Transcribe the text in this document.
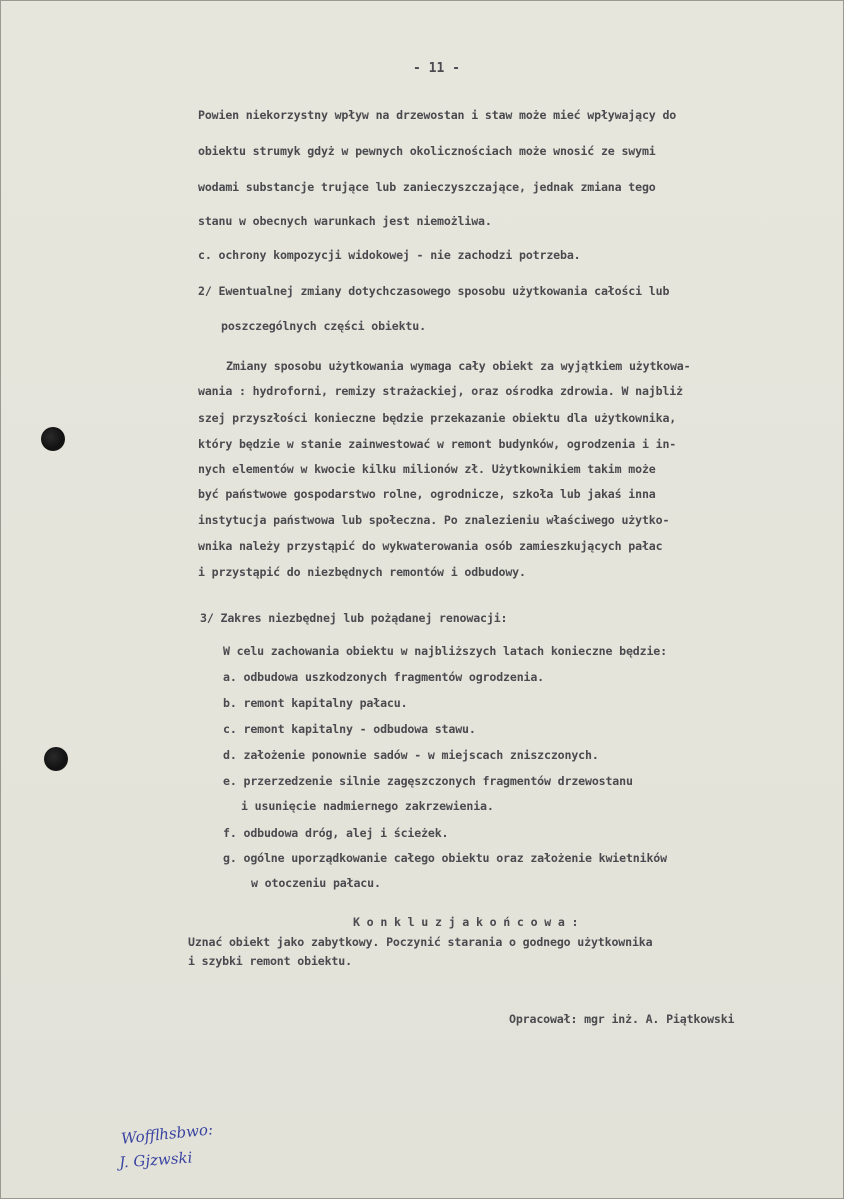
- 11 -
Powien niekorzystny wpływ na drzewostan i staw może mieć wpływający do
obiektu strumyk gdyż w pewnych okolicznościach może wnosić ze swymi
wodami substancje trujące lub zanieczyszczające, jednak zmiana tego
stanu w obecnych warunkach jest niemożliwa.
c. ochrony kompozycji widokowej - nie zachodzi potrzeba.
2/ Ewentualnej zmiany dotychczasowego sposobu użytkowania całości lub
poszczególnych części obiektu.
Zmiany sposobu użytkowania wymaga cały obiekt za wyjątkiem użytkowa-
wania : hydroforni, remizy strażackiej, oraz ośrodka zdrowia. W najbliż
szej przyszłości konieczne będzie przekazanie obiektu dla użytkownika,
który będzie w stanie zainwestować w remont budynków, ogrodzenia i in-
nych elementów w kwocie kilku milionów zł. Użytkownikiem takim może
być państwowe gospodarstwo rolne, ogrodnicze, szkoła lub jakaś inna
instytucja państwowa lub społeczna. Po znalezieniu właściwego użytko-
wnika należy przystąpić do wykwaterowania osób zamieszkujących pałac
i przystąpić do niezbędnych remontów i odbudowy.
3/ Zakres niezbędnej lub pożądanej renowacji:
W celu zachowania obiektu w najbliższych latach konieczne będzie:
a. odbudowa uszkodzonych fragmentów ogrodzenia.
b. remont kapitalny pałacu.
c. remont kapitalny - odbudowa stawu.
d. założenie ponownie sadów - w miejscach zniszczonych.
e. przerzedzenie silnie zagęszczonych fragmentów drzewostanu
i usunięcie nadmiernego zakrzewienia.
f. odbudowa dróg, alej i ścieżek.
g. ogólne uporządkowanie całego obiektu oraz założenie kwietników
w otoczeniu pałacu.
K o n k l u z j a k o ń c o w a :
Uznać obiekt jako zabytkowy. Poczynić starania o godnego użytkownika
i szybki remont obiektu.
Opracował: mgr inż. A. Piątkowski
Wofflhsbwo:
J. Gjzwski
